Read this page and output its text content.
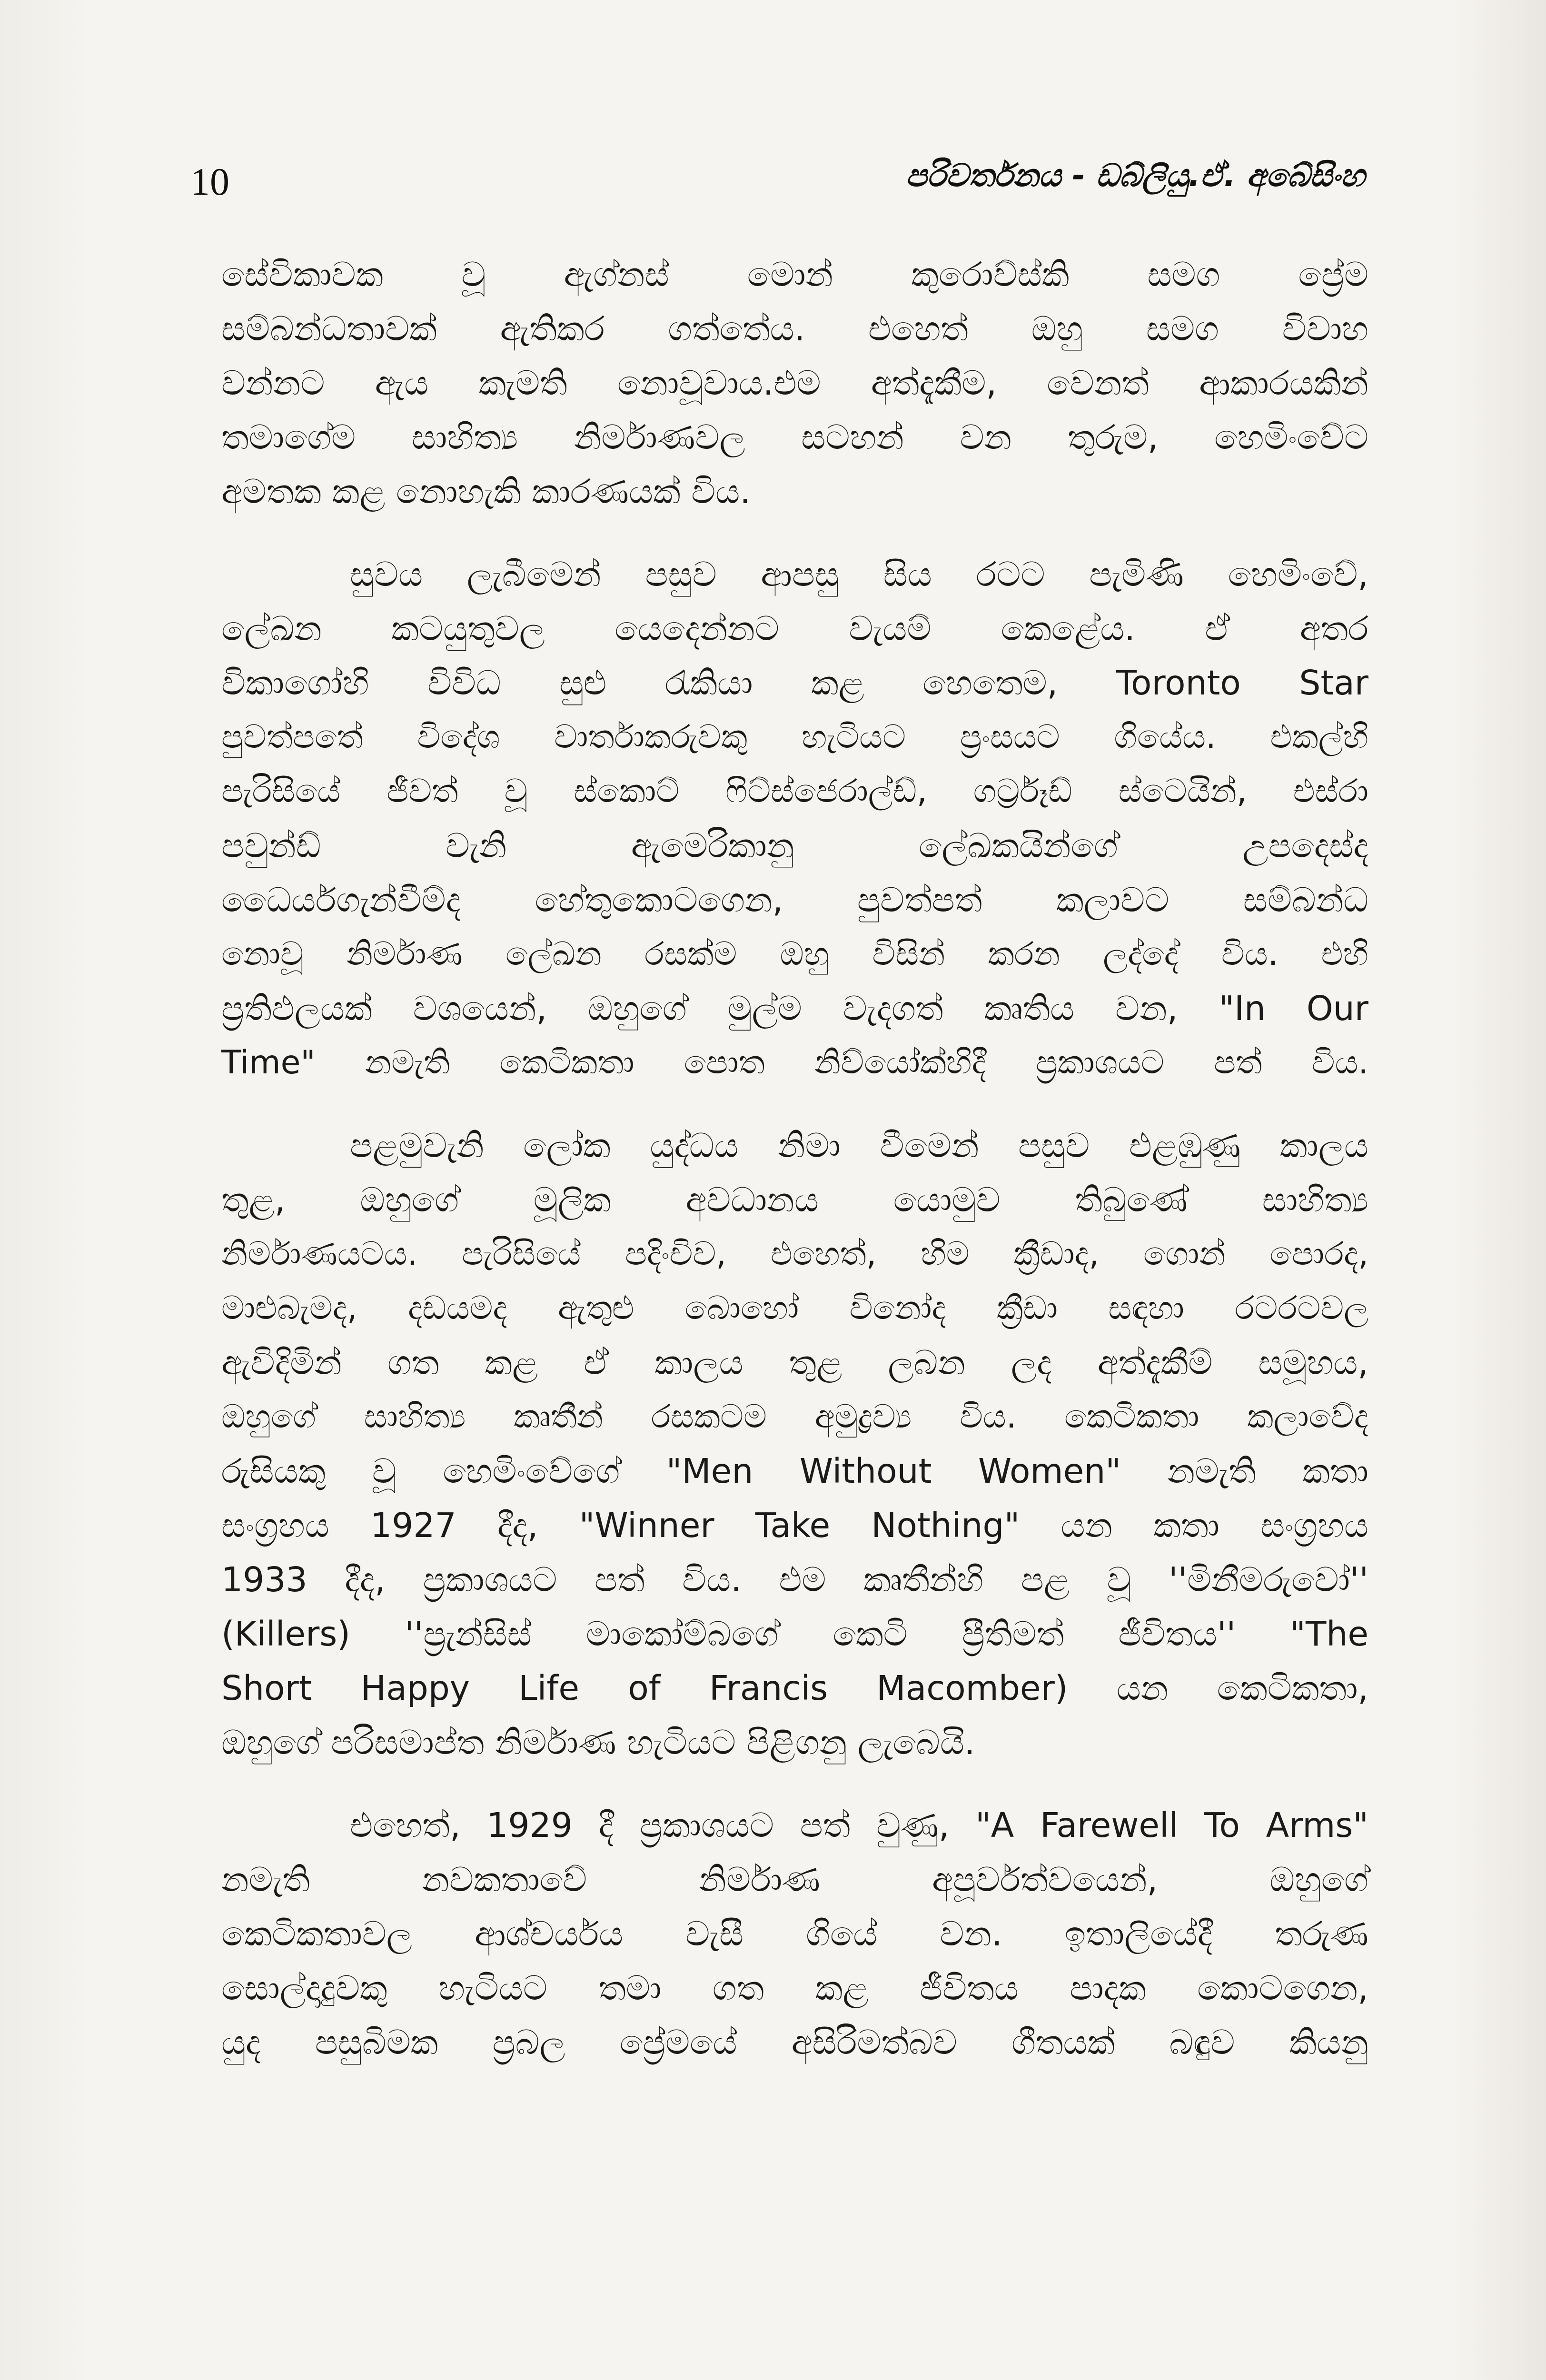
10	පරිවර්තනය - ඩබ්ලියු.ඒ. අබේසිංහ
සේවිකාවක වූ ඇග්නස් මොන් කුරොව්ස්කි සමග ප්‍රේම
සම්බන්ධතාවක් ඇතිකර ගත්තේය. එහෙත් ඔහු සමග විවාහ
වන්නට ඇය කැමති නොවූවාය.එම අත්දැකීම, වෙනත් ආකාරයකින්
තමාගේම සාහිත්‍ය නිර්මාණවල සටහන් වන තුරුම, හෙමිංවේට
අමතක කළ නොහැකි කාරණයක් විය.
සුවය ලැබීමෙන් පසුව ආපසු සිය රටට පැමිණි හෙමිංවේ,
ලේඛන කටයුතුවල යෙදෙන්නට වැයම් කෙළේය. ඒ අතර
විකාගෝහි විවිධ සුළු රැකියා කළ හෙතෙම, Toronto Star
පුවත්පතේ විදේශ වාර්තාකරුවකු හැටියට ප්‍රංසයට ගියේය. එකල්හි
පැරිසියේ ජීවත් වූ ස්කොට් ෆිට්ස්ජෙරාල්ඩ්, ගර්ට්‍රෑඩ් ස්ටෙයින්, එස්රා
පවුන්ඩ් වැනි ඇමෙරිකානු ලේඛකයින්ගේ උපදෙස්ද
ධෛර්යගැන්වීම්ද හේතුකොටගෙන, පුවත්පත් කලාවට සම්බන්ධ
නොවූ නිර්මාණ ලේඛන රසක්ම ඔහු විසින් කරන ලද්දේ විය. එහි
ප්‍රතිඵලයක් වශයෙන්, ඔහුගේ මුල්ම වැදගත් කෘතිය වන, "In Our
Time" නමැති කෙටිකතා පොත නිව්යෝක්හිදී ප්‍රකාශයට පත් විය.
පළමුවැනි ලෝක යුද්ධය නිමා වීමෙන් පසුව එළඹුණු කාලය
තුළ, ඔහුගේ මූලික අවධානය යොමුව තිබුණේ සාහිත්‍ය
නිර්මාණයටය. පැරිසියේ පදිංචිව, එහෙත්, හිම ක්‍රීඩාද, ගොන් පොරද,
මාළුබැමද, දඩයමද ඇතුළු බොහෝ විනෝද ක්‍රීඩා සඳහා රටරටවල
ඇවිදිමින් ගත කළ ඒ කාලය තුළ ලබන ලද අත්දැකීම් සමූහය,
ඔහුගේ සාහිත්‍ය කෘතීන් රසකටම අමුද්‍රව්‍ය විය. කෙටිකතා කලාවේද
රුසියකු වූ හෙමිංවේගේ "Men Without Women" නමැති කතා
සංග්‍රහය 1927 දීද, "Winner Take Nothing" යන කතා සංග්‍රහය
1933 දීද, ප්‍රකාශයට පත් විය. එම කෘතීන්හි පළ වූ ''මිනීමරුවෝ''
(Killers) ''ප්‍රැන්සිස් මාකෝම්බගේ කෙටි ප්‍රීතිමත් ජීවිතය'' "The
Short Happy Life of Francis Macomber) යන කෙටිකතා,
ඔහුගේ පරිසමාප්ත නිර්මාණ හැටියට පිළිගනු ලැබෙයි.
එහෙත්, 1929 දී ප්‍රකාශයට පත් වුණු, "A Farewell To Arms"
නමැති නවකතාවේ නිර්මාණ අපූර්වත්වයෙන්, ඔහුගේ
කෙටිකතාවල ආශ්චර්යය වැසී ගියේ වන. ඉතාලියේදී තරුණ
සොල්දාදුවකු හැටියට තමා ගත කළ ජීවිතය පාදක කොටගෙන,
යුද පසුබිමක ප්‍රබල ප්‍රේමයේ අසිරිමත්බව ගීතයක් බඳුව කියනු
